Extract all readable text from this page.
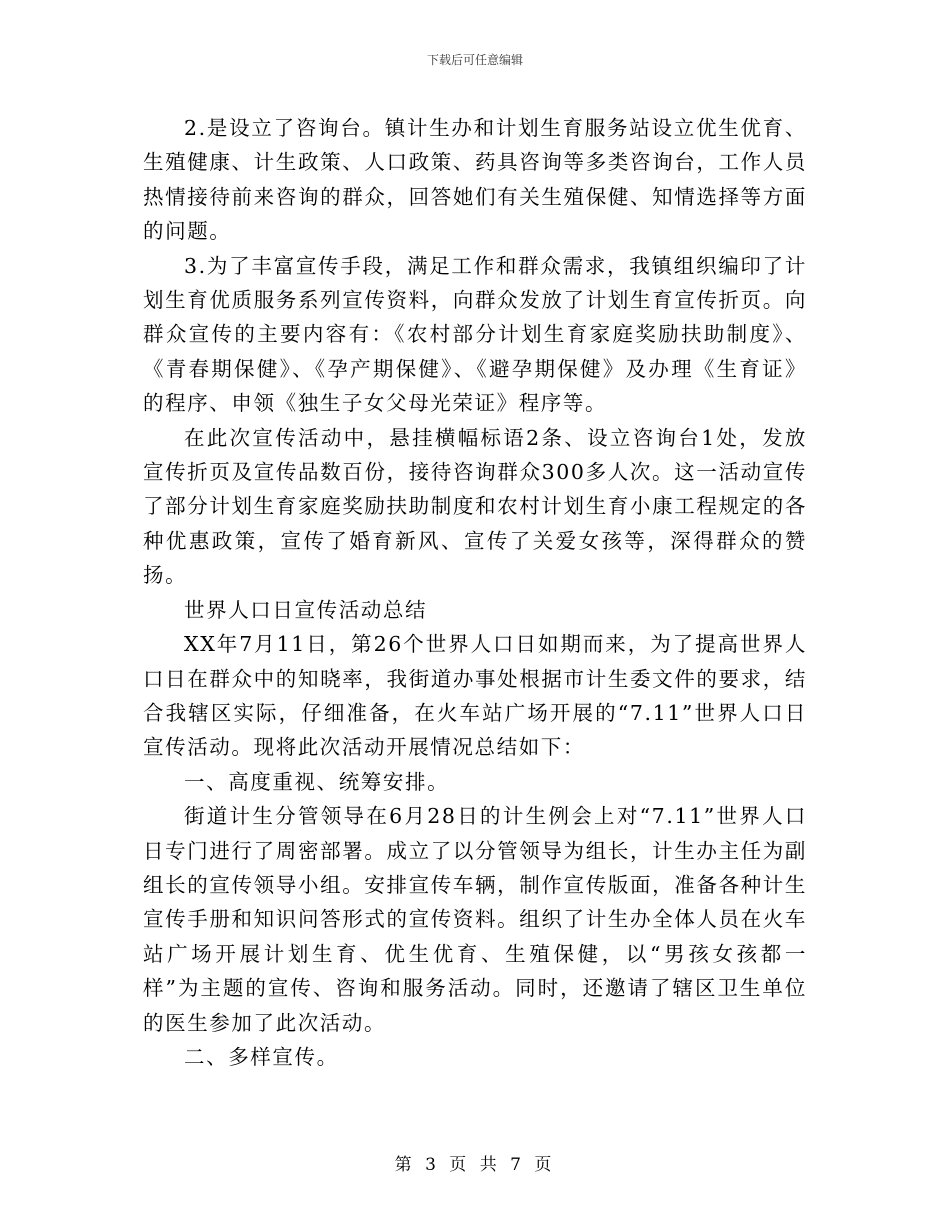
下载后可任意编辑

2.是设立了咨询台。镇计生办和计划生育服务站设立优生优育、生殖健康、计生政策、人口政策、药具咨询等多类咨询台，工作人员热情接待前来咨询的群众，回答她们有关生殖保健、知情选择等方面的问题。

3.为了丰富宣传手段，满足工作和群众需求，我镇组织编印了计划生育优质服务系列宣传资料，向群众发放了计划生育宣传折页。向群众宣传的主要内容有：《农村部分计划生育家庭奖励扶助制度》、《青春期保健》、《孕产期保健》、《避孕期保健》及办理《生育证》的程序、申领《独生子女父母光荣证》程序等。

在此次宣传活动中，悬挂横幅标语2条、设立咨询台1处，发放宣传折页及宣传品数百份，接待咨询群众300多人次。这一活动宣传了部分计划生育家庭奖励扶助制度和农村计划生育小康工程规定的各种优惠政策，宣传了婚育新风、宣传了关爱女孩等，深得群众的赞扬。

世界人口日宣传活动总结

XX年7月11日，第26个世界人口日如期而来，为了提高世界人口日在群众中的知晓率，我街道办事处根据市计生委文件的要求，结合我辖区实际，仔细准备，在火车站广场开展的“7.11”世界人口日宣传活动。现将此次活动开展情况总结如下：

一、高度重视、统筹安排。

街道计生分管领导在6月28日的计生例会上对“7.11”世界人口日专门进行了周密部署。成立了以分管领导为组长，计生办主任为副组长的宣传领导小组。安排宣传车辆，制作宣传版面，准备各种计生宣传手册和知识问答形式的宣传资料。组织了计生办全体人员在火车站广场开展计划生育、优生优育、生殖保健，以“男孩女孩都一样”为主题的宣传、咨询和服务活动。同时，还邀请了辖区卫生单位的医生参加了此次活动。

二、多样宣传。

第 3 页 共 7 页
